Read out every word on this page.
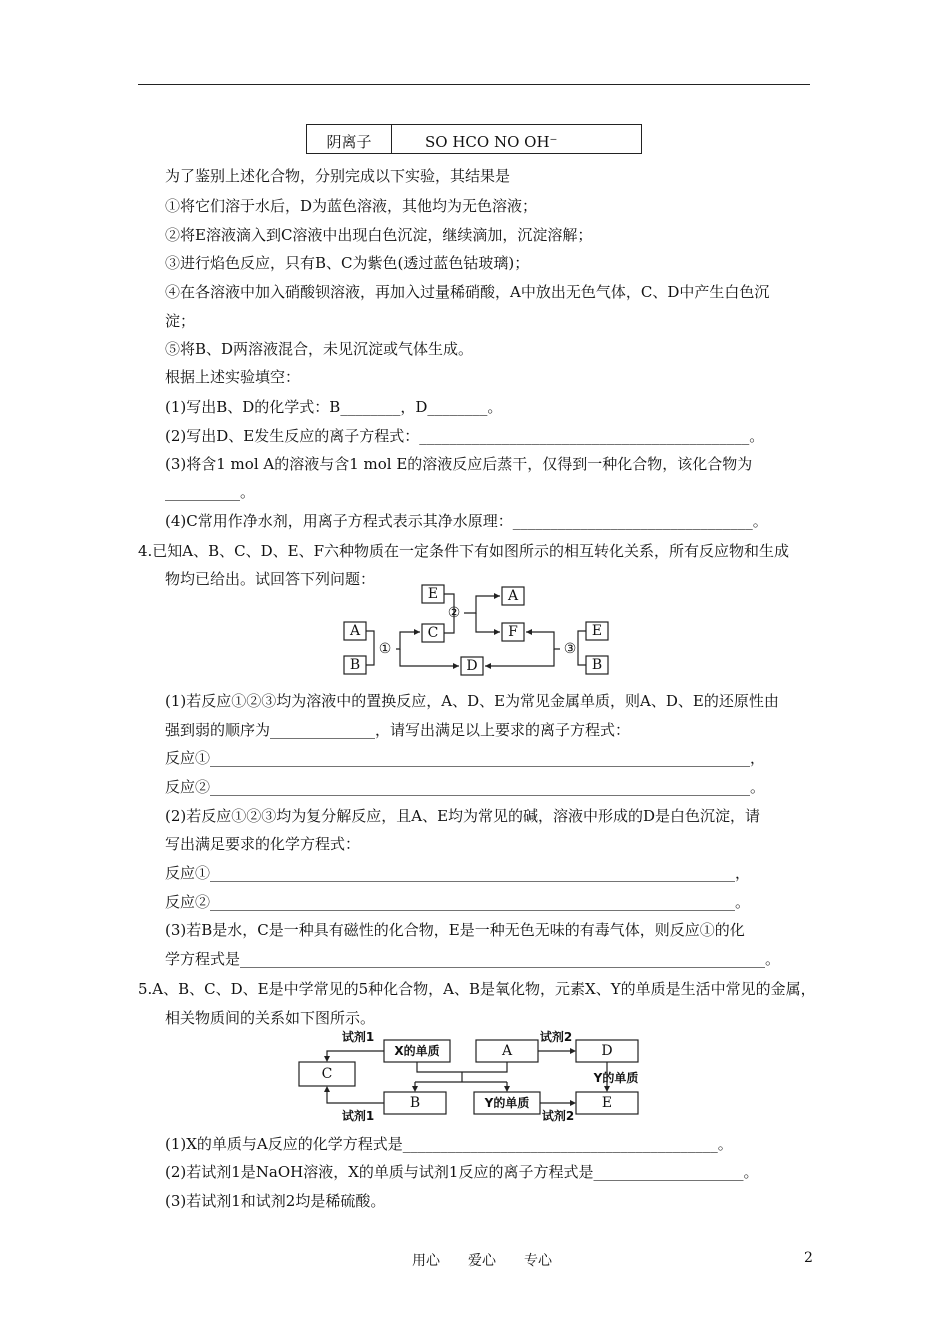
阴离子	SO HCO NO OH⁻
为了鉴别上述化合物，分别完成以下实验，其结果是
①将它们溶于水后，D为蓝色溶液，其他均为无色溶液；
②将E溶液滴入到C溶液中出现白色沉淀，继续滴加，沉淀溶解；
③进行焰色反应，只有B、C为紫色(透过蓝色钴玻璃)；
④在各溶液中加入硝酸钡溶液，再加入过量稀硝酸，A中放出无色气体，C、D中产生白色沉
淀；
⑤将B、D两溶液混合，未见沉淀或气体生成。
根据上述实验填空：
(1)写出B、D的化学式：B________，D________。
(2)写出D、E发生反应的离子方程式：____________________________________________。
(3)将含1 mol A的溶液与含1 mol E的溶液反应后蒸干，仅得到一种化合物，该化合物为
__________。
(4)C常用作净水剂，用离子方程式表示其净水原理：________________________________。
4.已知A、B、C、D、E、F六种物质在一定条件下有如图所示的相互转化关系，所有反应物和生成
物均已给出。试回答下列问题：
E	A
A	C	F	E
B	D	B
①
②
③
(1)若反应①②③均为溶液中的置换反应，A、D、E为常见金属单质，则A、D、E的还原性由
强到弱的顺序为______________，请写出满足以上要求的离子方程式：
反应①________________________________________________________________________，
反应②________________________________________________________________________。
(2)若反应①②③均为复分解反应，且A、E均为常见的碱，溶液中形成的D是白色沉淀，请
写出满足要求的化学方程式：
反应①______________________________________________________________________，
反应②______________________________________________________________________。
(3)若B是水，C是一种具有磁性的化合物，E是一种无色无味的有毒气体，则反应①的化
学方程式是______________________________________________________________________。
5.A、B、C、D、E是中学常见的5种化合物，A、B是氧化物，元素X、Y的单质是生活中常见的金属，
相关物质间的关系如下图所示。
X的单质	A	D
C
B	Y的单质	E
试剂1
试剂1
试剂2
试剂2
Y的单质
(1)X的单质与A反应的化学方程式是__________________________________________。
(2)若试剂1是NaOH溶液，X的单质与试剂1反应的离子方程式是____________________。
(3)若试剂1和试剂2均是稀硫酸。
用心　　爱心　　专心	2
